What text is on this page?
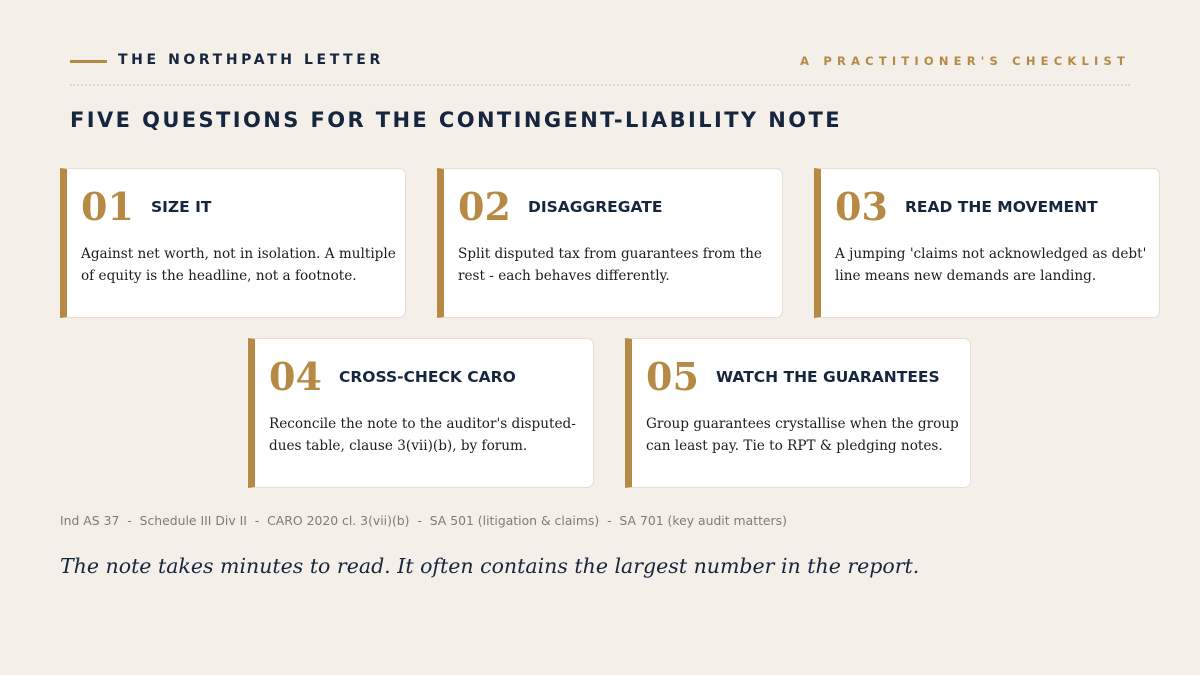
THE NORTHPATH LETTER	A PRACTITIONER'S CHECKLIST
FIVE QUESTIONS FOR THE CONTINGENT-LIABILITY NOTE
01 SIZE IT
Against net worth, not in isolation. A multiple of equity is the headline, not a footnote.
02 DISAGGREGATE
Split disputed tax from guarantees from the rest - each behaves differently.
03 READ THE MOVEMENT
A jumping 'claims not acknowledged as debt' line means new demands are landing.
04 CROSS-CHECK CARO
Reconcile the note to the auditor's disputed-dues table, clause 3(vii)(b), by forum.
05 WATCH THE GUARANTEES
Group guarantees crystallise when the group can least pay. Tie to RPT & pledging notes.
Ind AS 37  -  Schedule III Div II  -  CARO 2020 cl. 3(vii)(b)  -  SA 501 (litigation & claims)  -  SA 701 (key audit matters)
The note takes minutes to read. It often contains the largest number in the report.
